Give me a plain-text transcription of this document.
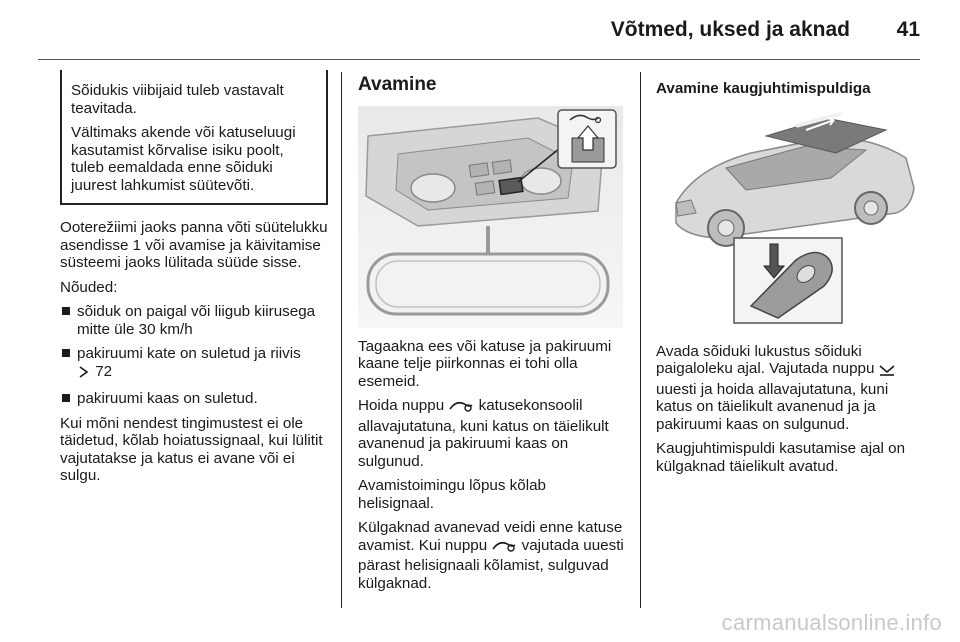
Võtmed, uksed ja aknad 41

Sõidukis viibijaid tuleb vastavalt teavitada.

Vältimaks akende või katuseluugi kasutamist kõrvalise isiku poolt, tuleb eemaldada enne sõiduki juurest lahkumist süütevõti.

Ooterežiimi jaoks panna võti süütelukku asendisse 1 või avamise ja käivitamise süsteemi jaoks lülitada süüde sisse.

Nõuded:

sõiduk on paigal või liigub kiirusega mitte üle 30 km/h
pakiruumi kate on suletud ja riivis
72
pakiruumi kaas on suletud.

Kui mõni nendest tingimustest ei ole täidetud, kõlab hoiatussignaal, kui lülitit vajutatakse ja katus ei avane või ei sulgu.

Avamine

Tagaakna ees või katuse ja pakiruumi kaane telje piirkonnas ei tohi olla esemeid.

Hoida nuppu katusekonsoolil allavajutatuna, kuni katus on täielikult avanenud ja pakiruumi kaas on sulgunud.

Avamistoimingu lõpus kõlab helisignaal.

Külgaknad avanevad veidi enne katuse avamist. Kui nuppu vajutada uuesti pärast helisignaali kõlamist, sulguvad külgaknad.

Avamine kaugjuhtimispuldiga

Avada sõiduki lukustus sõiduki paigaloleku ajal. Vajutada nuppu  uuesti ja hoida allavajutatuna, kuni katus on täielikult avanenud ja ja pakiruumi kaas on sulgunud.

Kaugjuhtimispuldi kasutamise ajal on külgaknad täielikult avatud.

carmanualsonline.info
